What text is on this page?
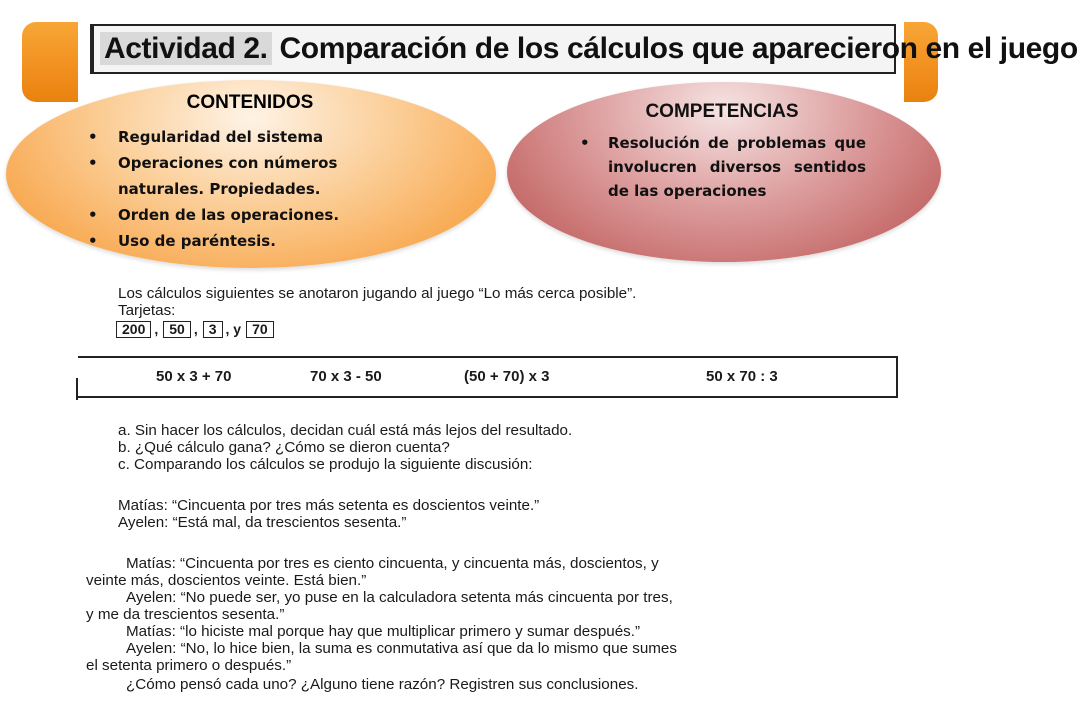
Actividad 2. Comparación de los cálculos que aparecieron en el juego
CONTENIDOS
• Regularidad del sistema
• Operaciones con números
naturales. Propiedades.
• Orden de las operaciones.
• Uso de paréntesis.
COMPETENCIAS
• Resolución de problemas que involucren diversos sentidos de las operaciones
Los cálculos siguientes se anotaron jugando al juego “Lo más cerca posible”.
Tarjetas:
200 , 50 , 3 , y 70
50 x 3 + 70	70 x 3 - 50	(50 + 70) x 3	50 x 70 : 3
a. Sin hacer los cálculos, decidan cuál está más lejos del resultado.
b. ¿Qué cálculo gana? ¿Cómo se dieron cuenta?
c. Comparando los cálculos se produjo la siguiente discusión:
Matías: “Cincuenta por tres más setenta es doscientos veinte.”
Ayelen: “Está mal, da trescientos sesenta.”
Matías: “Cincuenta por tres es ciento cincuenta, y cincuenta más, doscientos, y
veinte más, doscientos veinte. Está bien.”
Ayelen: “No puede ser, yo puse en la calculadora setenta más cincuenta por tres,
y me da trescientos sesenta.”
Matías: “lo hiciste mal porque hay que multiplicar primero y sumar después.”
Ayelen: “No, lo hice bien, la suma es conmutativa así que da lo mismo que sumes
el setenta primero o después.”
¿Cómo pensó cada uno? ¿Alguno tiene razón? Registren sus conclusiones.
